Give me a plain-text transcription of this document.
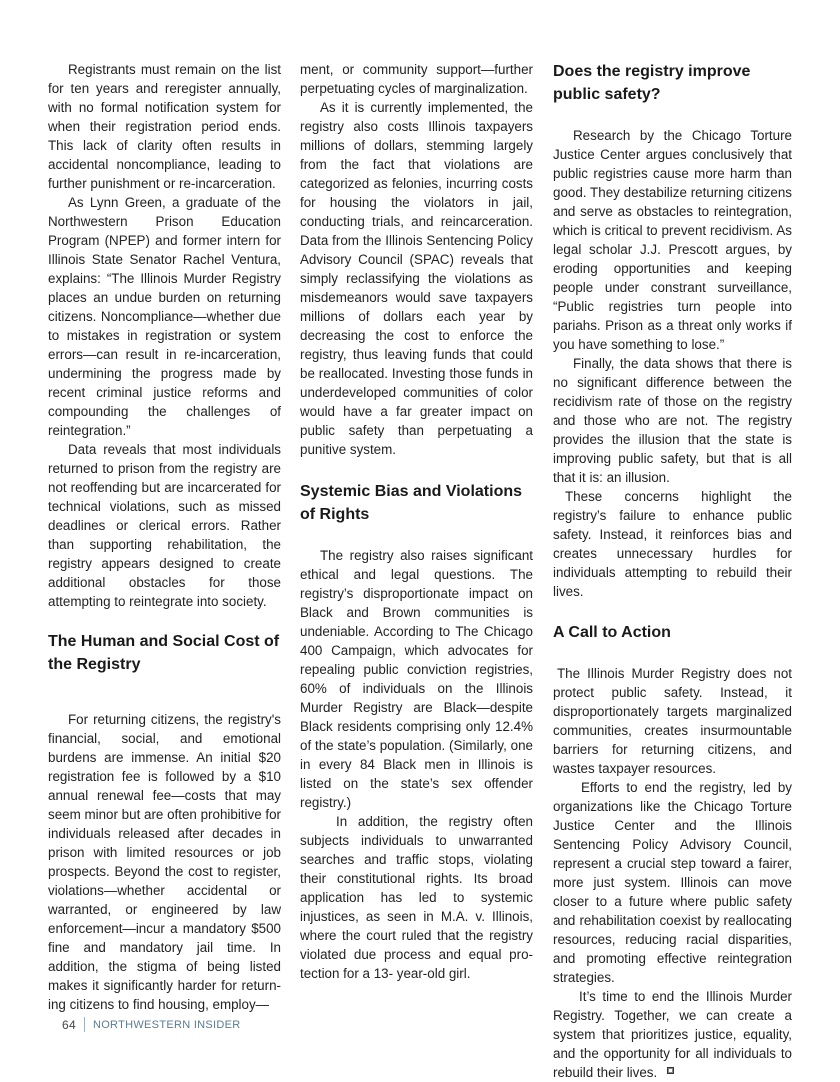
Registrants must remain on the list for ten years and reregister annually, with no formal notification system for when their registration period ends. This lack of clarity often results in accidental noncompliance, leading to further punishment or re-incarceration.

As Lynn Green, a graduate of the Northwestern Prison Education Program (NPEP) and former intern for Illinois State Senator Rachel Ventura, explains: “The Illinois Murder Registry places an undue burden on returning citizens. Noncompliance—whether due to mistakes in registration or system errors—can result in re-incarceration, undermining the progress made by recent criminal justice reforms and compounding the challenges of reintegration.”

Data reveals that most individuals returned to prison from the registry are not reoffending but are incarcerated for technical violations, such as missed deadlines or clerical errors. Rather than supporting rehabilitation, the registry appears designed to create additional obstacles for those attempting to reintegrate into society.

The Human and Social Cost of the Registry

For returning citizens, the registry's financial, social, and emotional burdens are immense. An initial $20 registration fee is followed by a $10 annual renewal fee—costs that may seem minor but are often prohibitive for individuals released after decades in prison with limited resources or job prospects. Beyond the cost to register, violations—whether accidental or warranted, or engineered by law enforcement—incur a mandatory $500 fine and mandatory jail time. In addition, the stigma of being listed makes it significantly harder for return-ing citizens to find housing, employ—

ment, or community support—further perpetuating cycles of marginalization.

As it is currently implemented, the registry also costs Illinois taxpayers millions of dollars, stemming largely from the fact that violations are categorized as felonies, incurring costs for housing the violators in jail, conducting trials, and reincarceration. Data from the Illinois Sentencing Policy Advisory Council (SPAC) reveals that simply reclassifying the violations as misdemeanors would save taxpayers millions of dollars each year by decreasing the cost to enforce the registry, thus leaving funds that could be reallocated. Investing those funds in underdeveloped communities of color would have a far greater impact on public safety than perpetuating a punitive system.

Systemic Bias and Violations of Rights

The registry also raises significant ethical and legal questions. The registry’s disproportionate impact on Black and Brown communities is undeniable. According to The Chicago 400 Campaign, which advocates for repealing public conviction registries, 60% of individuals on the Illinois Murder Registry are Black—despite Black residents comprising only 12.4% of the state’s population. (Similarly, one in every 84 Black men in Illinois is listed on the state’s sex offender registry.)

In addition, the registry often subjects individuals to unwarranted searches and traffic stops, violating their constitutional rights. Its broad application has led to systemic injustices, as seen in M.A. v. Illinois, where the court ruled that the registry violated due process and equal pro-tection for a 13- year-old girl.

Does the registry improve public safety?

Research by the Chicago Torture Justice Center argues conclusively that public registries cause more harm than good. They destabilize returning citizens and serve as obstacles to reintegration, which is critical to prevent recidivism. As legal scholar J.J. Prescott argues, by eroding opportunities and keeping people under constrant surveillance, “Public registries turn people into pariahs. Prison as a threat only works if you have something to lose.”

Finally, the data shows that there is no significant difference between the recidivism rate of those on the registry and those who are not. The registry provides the illusion that the state is improving public safety, but that is all that it is: an illusion.

These concerns highlight the registry’s failure to enhance public safety. Instead, it reinforces bias and creates unnecessary hurdles for individuals attempting to rebuild their lives.

A Call to Action

The Illinois Murder Registry does not protect public safety. Instead, it disproportionately targets marginalized communities, creates insurmountable barriers for returning citizens, and wastes taxpayer resources.

Efforts to end the registry, led by organizations like the Chicago Torture Justice Center and the Illinois Sentencing Policy Advisory Council, represent a crucial step toward a fairer, more just system. Illinois can move closer to a future where public safety and rehabilitation coexist by reallocating resources, reducing racial disparities, and promoting effective reintegration strategies.

It’s time to end the Illinois Murder Registry. Together, we can create a system that prioritizes justice, equality, and the opportunity for all individuals to rebuild their lives.

64 NORTHWESTERN INSIDER
